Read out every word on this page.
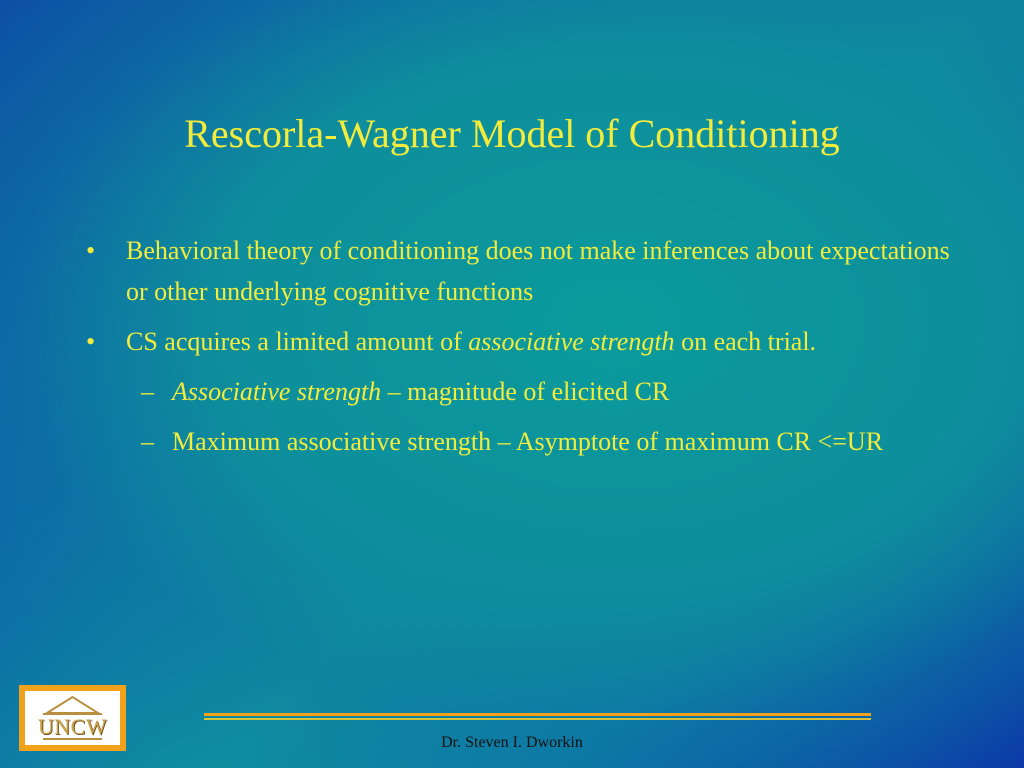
Rescorla-Wagner Model of Conditioning
• Behavioral theory of conditioning does not make inferences about expectations or other underlying cognitive functions
• CS acquires a limited amount of associative strength on each trial.
– Associative strength – magnitude of elicited CR
– Maximum associative strength – Asymptote of maximum CR <=UR
UNCW
Dr. Steven I. Dworkin
